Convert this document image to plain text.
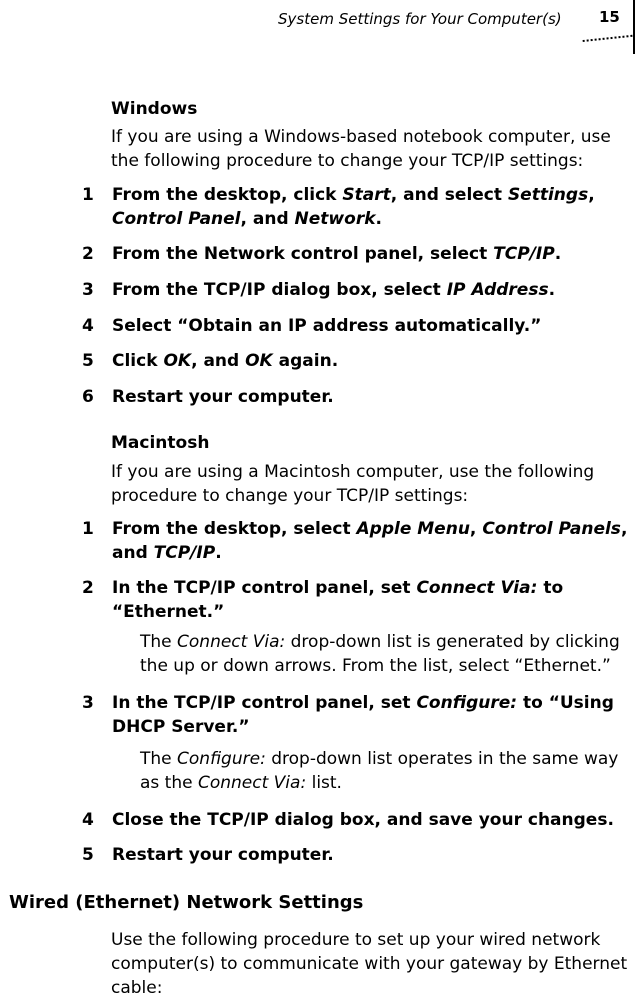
System Settings for Your Computer(s) 15
Windows
If you are using a Windows-based notebook computer, use the following procedure to change your TCP/IP settings:
1 From the desktop, click Start, and select Settings, Control Panel, and Network.
2 From the Network control panel, select TCP/IP.
3 From the TCP/IP dialog box, select IP Address.
4 Select “Obtain an IP address automatically.”
5 Click OK, and OK again.
6 Restart your computer.
Macintosh
If you are using a Macintosh computer, use the following procedure to change your TCP/IP settings:
1 From the desktop, select Apple Menu, Control Panels, and TCP/IP.
2 In the TCP/IP control panel, set Connect Via: to “Ethernet.”
The Connect Via: drop-down list is generated by clicking the up or down arrows. From the list, select “Ethernet.”
3 In the TCP/IP control panel, set Configure: to “Using DHCP Server.”
The Configure: drop-down list operates in the same way as the Connect Via: list.
4 Close the TCP/IP dialog box, and save your changes.
5 Restart your computer.
Wired (Ethernet) Network Settings
Use the following procedure to set up your wired network computer(s) to communicate with your gateway by Ethernet cable:
